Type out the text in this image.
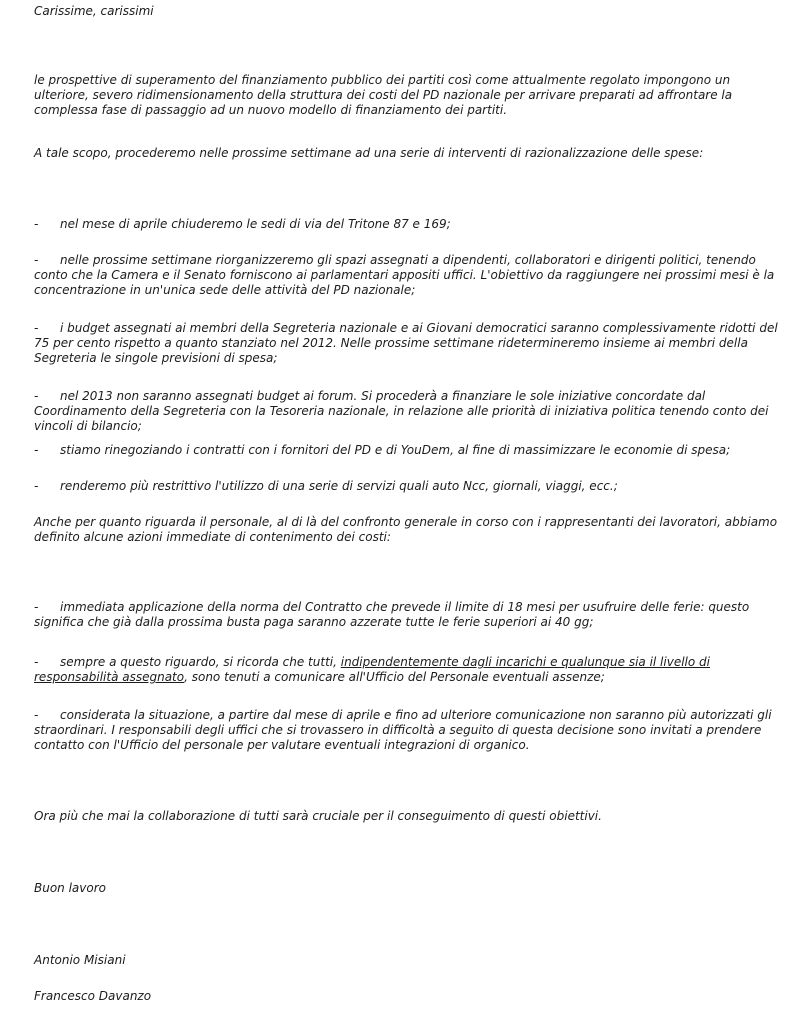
Carissime, carissimi

le prospettive di superamento del finanziamento pubblico dei partiti così come attualmente regolato impongono un ulteriore, severo ridimensionamento della struttura dei costi del PD nazionale per arrivare preparati ad affrontare la complessa fase di passaggio ad un nuovo modello di finanziamento dei partiti.

A tale scopo, procederemo nelle prossime settimane ad una serie di interventi di razionalizzazione delle spese:

- nel mese di aprile chiuderemo le sedi di via del Tritone 87 e 169;

- nelle prossime settimane riorganizzeremo gli spazi assegnati a dipendenti, collaboratori e dirigenti politici, tenendo conto che la Camera e il Senato forniscono ai parlamentari appositi uffici. L'obiettivo da raggiungere nei prossimi mesi è la concentrazione in un'unica sede delle attività del PD nazionale;

- i budget assegnati ai membri della Segreteria nazionale e ai Giovani democratici saranno complessivamente ridotti del 75 per cento rispetto a quanto stanziato nel 2012. Nelle prossime settimane ridetermineremo insieme ai membri della Segreteria le singole previsioni di spesa;

- nel 2013 non saranno assegnati budget ai forum. Si procederà a finanziare le sole iniziative concordate dal Coordinamento della Segreteria con la Tesoreria nazionale, in relazione alle priorità di iniziativa politica tenendo conto dei vincoli di bilancio;

- stiamo rinegoziando i contratti con i fornitori del PD e di YouDem, al fine di massimizzare le economie di spesa;

- renderemo più restrittivo l'utilizzo di una serie di servizi quali auto Ncc, giornali, viaggi, ecc.;

Anche per quanto riguarda il personale, al di là del confronto generale in corso con i rappresentanti dei lavoratori, abbiamo definito alcune azioni immediate di contenimento dei costi:

- immediata applicazione della norma del Contratto che prevede il limite di 18 mesi per usufruire delle ferie: questo significa che già dalla prossima busta paga saranno azzerate tutte le ferie superiori ai 40 gg;

- sempre a questo riguardo, si ricorda che tutti, indipendentemente dagli incarichi e qualunque sia il livello di responsabilità assegnato, sono tenuti a comunicare all'Ufficio del Personale eventuali assenze;

- considerata la situazione, a partire dal mese di aprile e fino ad ulteriore comunicazione non saranno più autorizzati gli straordinari. I responsabili degli uffici che si trovassero in difficoltà a seguito di questa decisione sono invitati a prendere contatto con l'Ufficio del personale per valutare eventuali integrazioni di organico.

Ora più che mai la collaborazione di tutti sarà cruciale per il conseguimento di questi obiettivi.

Buon lavoro

Antonio Misiani

Francesco Davanzo
